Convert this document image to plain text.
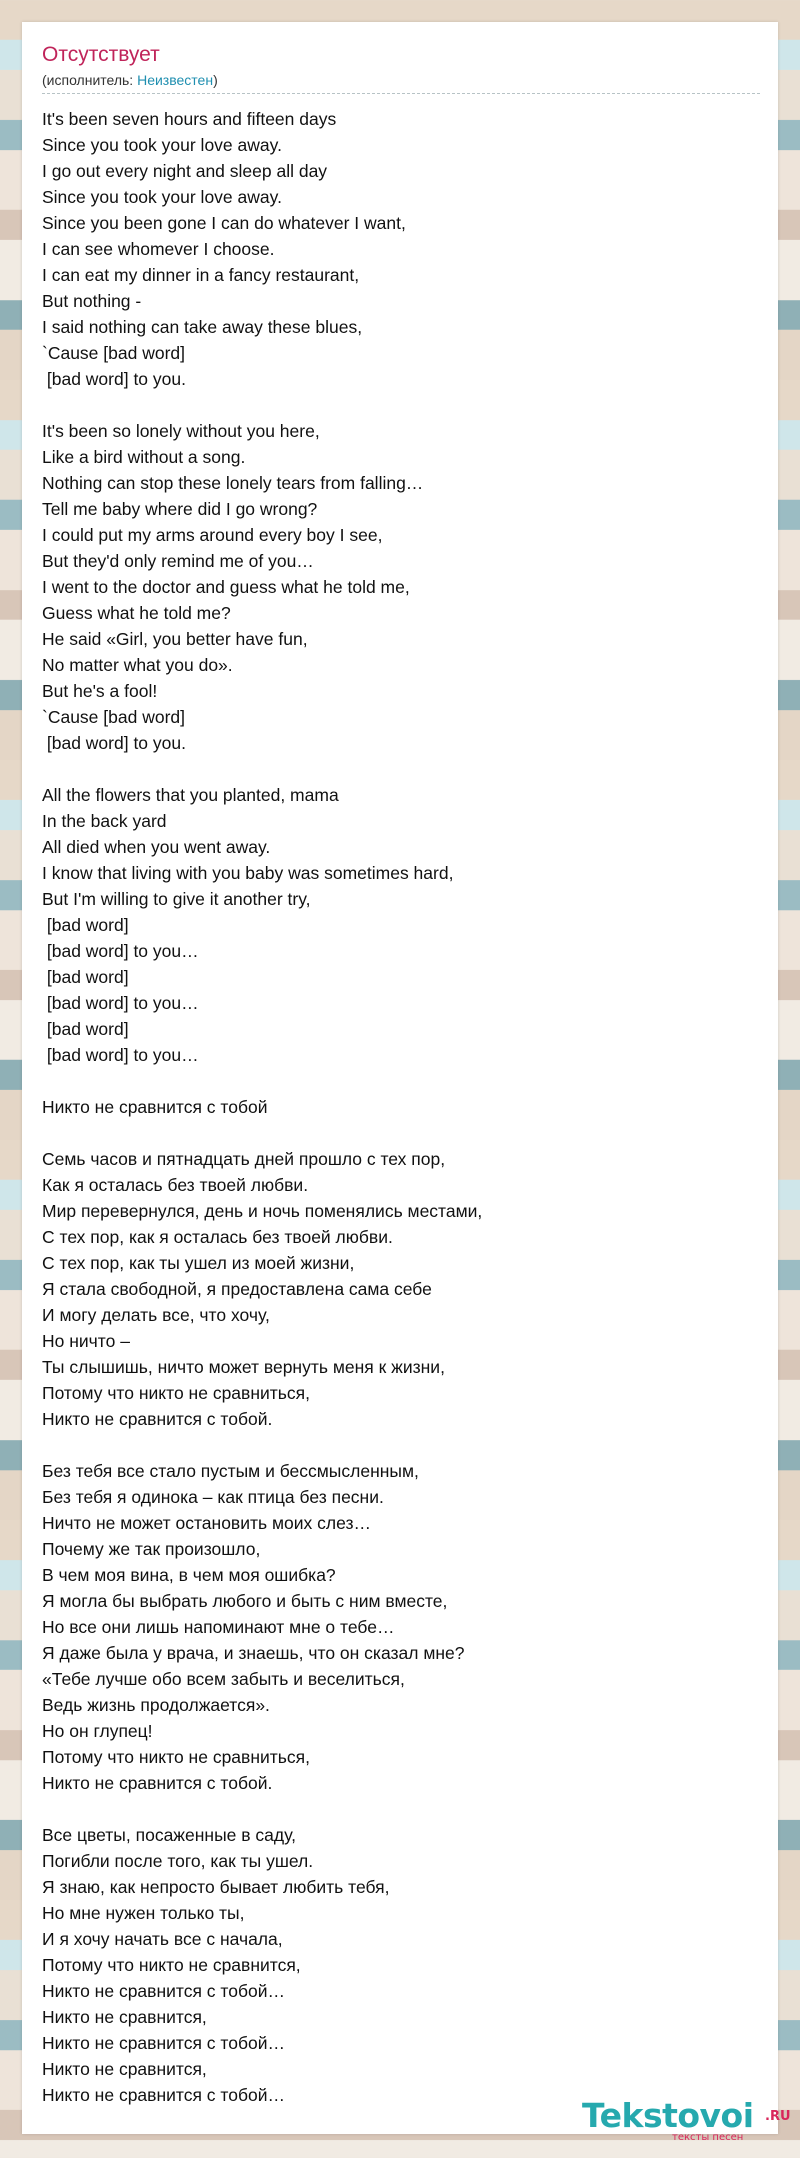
Отсутствует
(исполнитель: Неизвестен)
It's been seven hours and fifteen days
Since you took your love away.
I go out every night and sleep all day
Since you took your love away.
Since you been gone I can do whatever I want,
I can see whomever I choose.
I can eat my dinner in a fancy restaurant,
But nothing -
I said nothing can take away these blues,
`Cause [bad word]
[bad word] to you.
It's been so lonely without you here,
Like a bird without a song.
Nothing can stop these lonely tears from falling…
Tell me baby where did I go wrong?
I could put my arms around every boy I see,
But they'd only remind me of you…
I went to the doctor and guess what he told me,
Guess what he told me?
He said «Girl, you better have fun,
No matter what you do».
But he's a fool!
`Cause [bad word]
[bad word] to you.
All the flowers that you planted, mama
In the back yard
All died when you went away.
I know that living with you baby was sometimes hard,
But I'm willing to give it another try,
[bad word]
[bad word] to you…
[bad word]
[bad word] to you…
[bad word]
[bad word] to you…
Никто не сравнится с тобой
Семь часов и пятнадцать дней прошло с тех пор,
Как я осталась без твоей любви.
Мир перевернулся, день и ночь поменялись местами,
С тех пор, как я осталась без твоей любви.
С тех пор, как ты ушел из моей жизни,
Я стала свободной, я предоставлена сама себе
И могу делать все, что хочу,
Но ничто –
Ты слышишь, ничто может вернуть меня к жизни,
Потому что никто не сравниться,
Никто не сравнится с тобой.
Без тебя все стало пустым и бессмысленным,
Без тебя я одинока – как птица без песни.
Ничто не может остановить моих слез…
Почему же так произошло,
В чем моя вина, в чем моя ошибка?
Я могла бы выбрать любого и быть с ним вместе,
Но все они лишь напоминают мне о тебе…
Я даже была у врача, и знаешь, что он сказал мне?
«Тебе лучше обо всем забыть и веселиться,
Ведь жизнь продолжается».
Но он глупец!
Потому что никто не сравниться,
Никто не сравнится с тобой.
Все цветы, посаженные в саду,
Погибли после того, как ты ушел.
Я знаю, как непросто бывает любить тебя,
Но мне нужен только ты,
И я хочу начать все с начала,
Потому что никто не сравнится,
Никто не сравнится с тобой…
Никто не сравнится,
Никто не сравнится с тобой…
Никто не сравнится,
Никто не сравнится с тобой…
Tekstovoi .RU
тексты песен
